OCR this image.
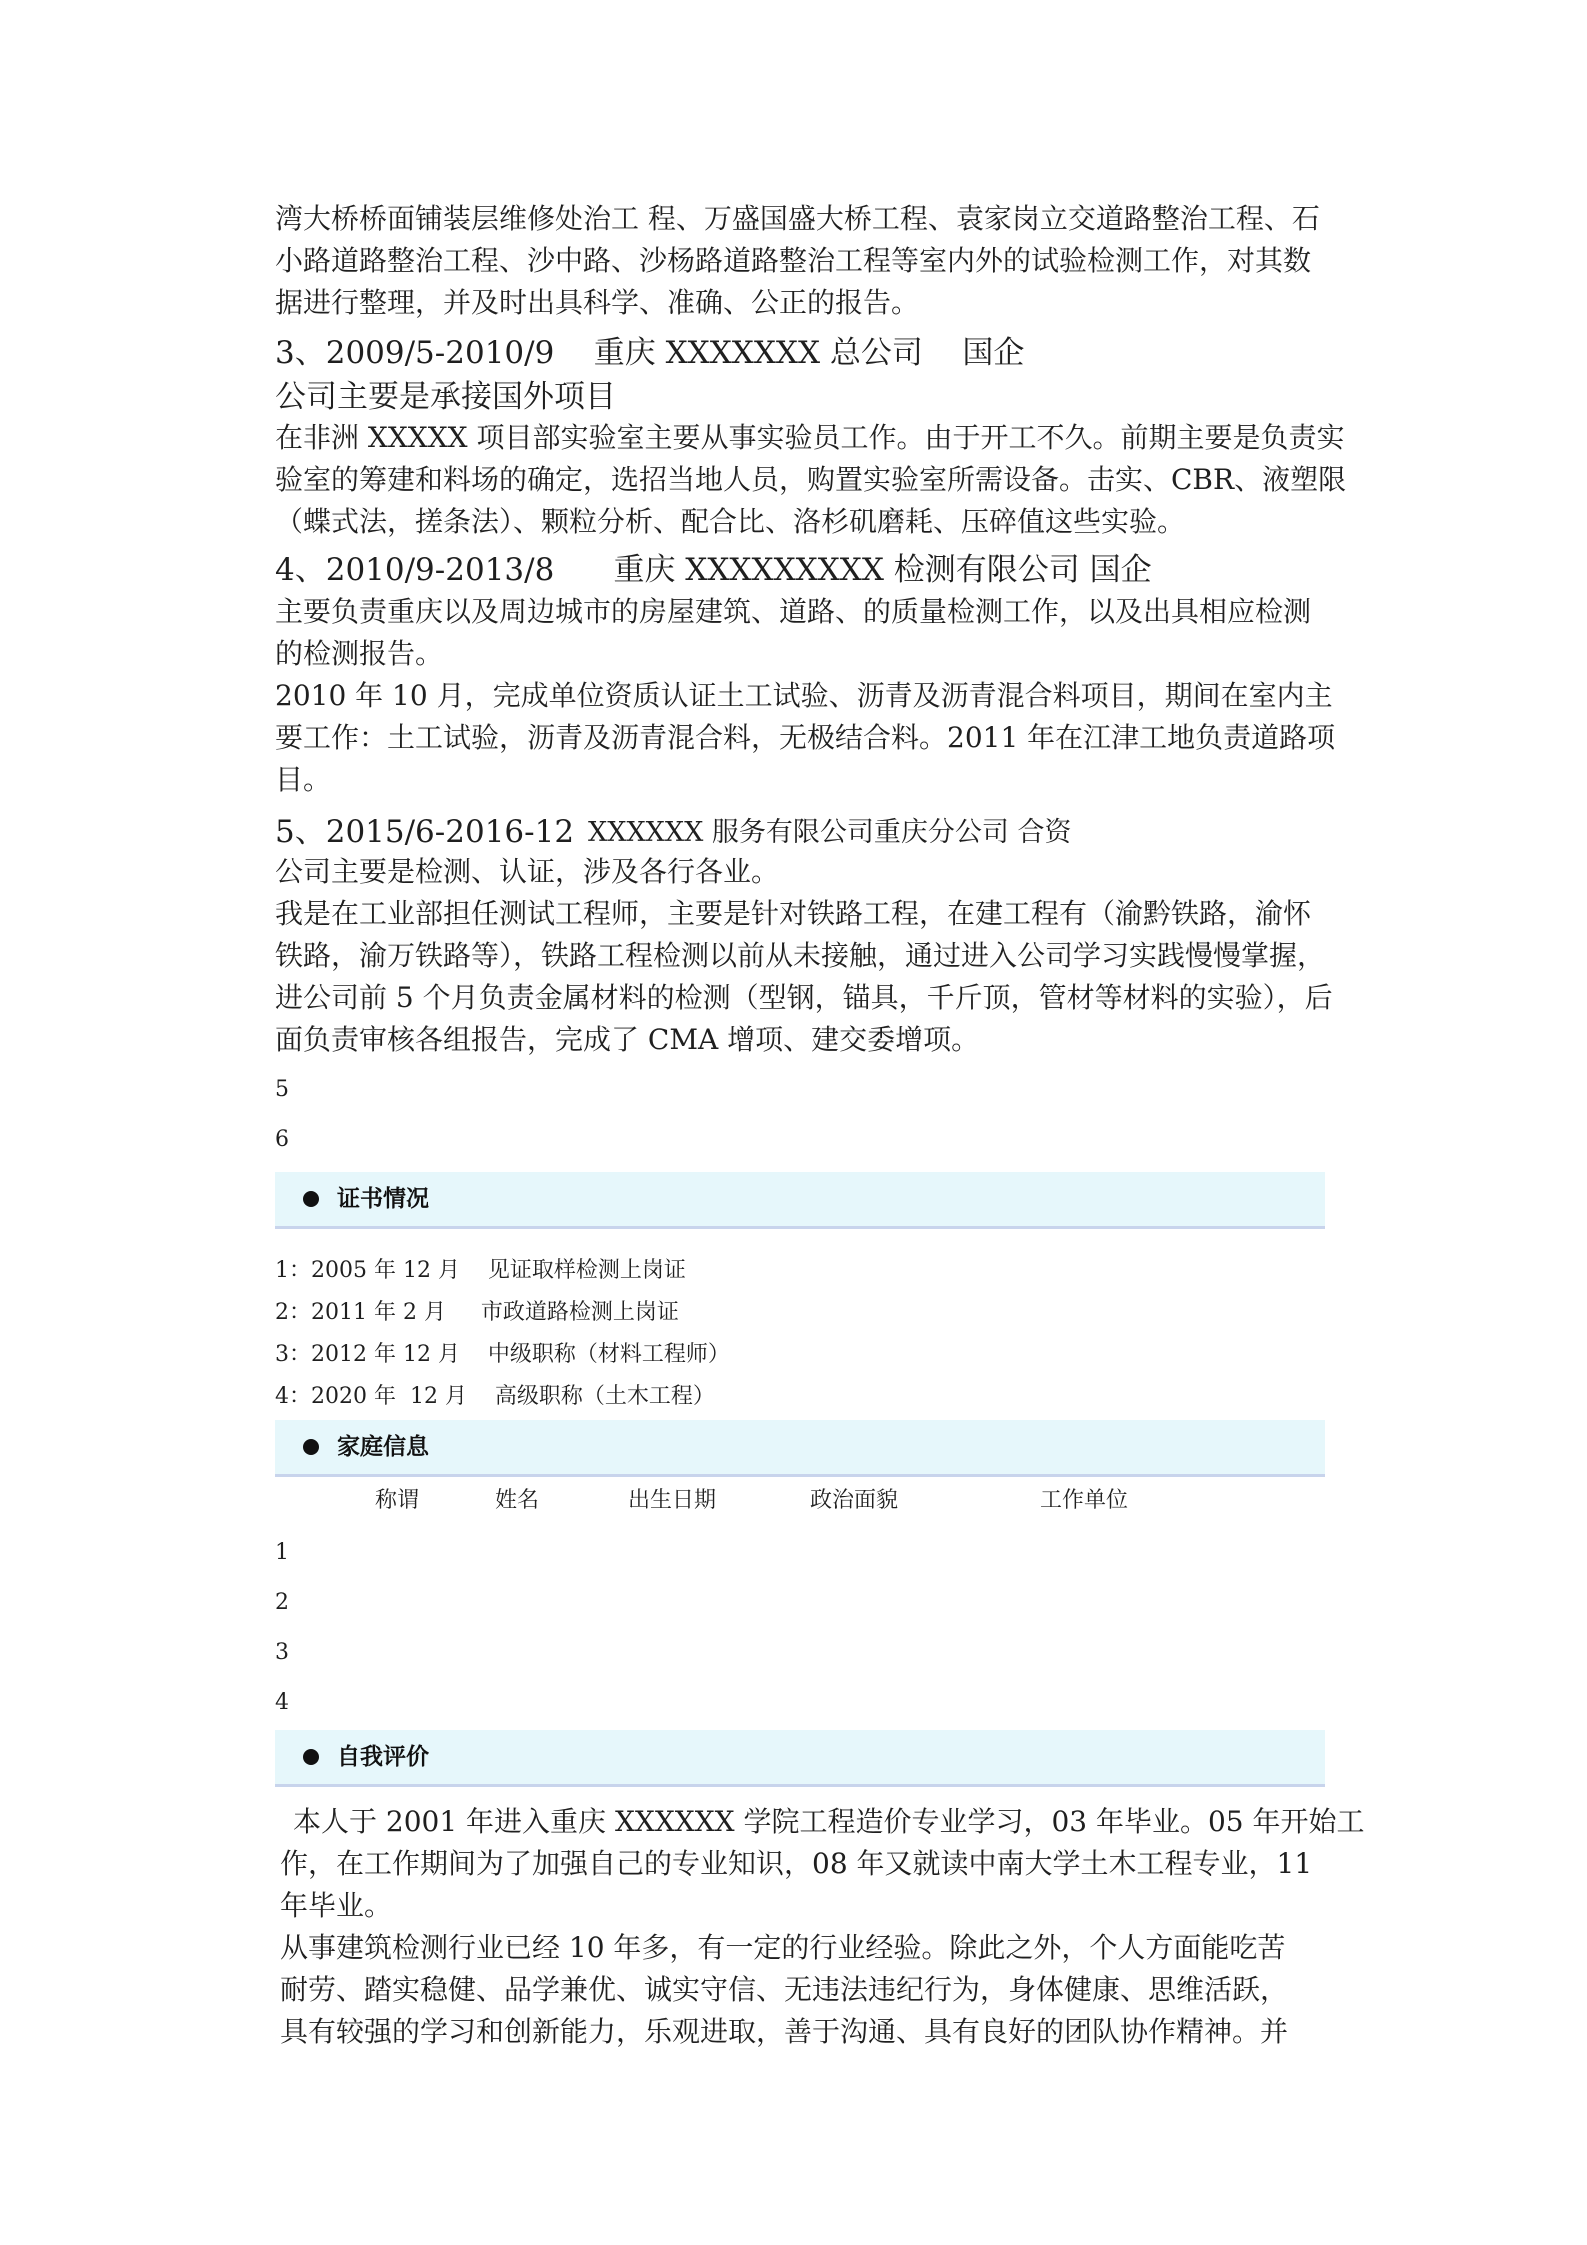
湾大桥桥面铺装层维修处治工 程、万盛国盛大桥工程、袁家岗立交道路整治工程、石
小路道路整治工程、沙中路、沙杨路道路整治工程等室内外的试验检测工作，对其数
据进行整理，并及时出具科学、准确、公正的报告。
3、2009/5-2010/9    重庆 XXXXXXX 总公司    国企
公司主要是承接国外项目
在非洲 XXXXX 项目部实验室主要从事实验员工作。由于开工不久。前期主要是负责实
验室的筹建和料场的确定，选招当地人员，购置实验室所需设备。击实、CBR、液塑限
（蝶式法，搓条法）、颗粒分析、配合比、洛杉矶磨耗、压碎值这些实验。
4、2010/9-2013/8      重庆 XXXXXXXXX 检测有限公司 国企
主要负责重庆以及周边城市的房屋建筑、道路、的质量检测工作，以及出具相应检测
的检测报告。
2010 年 10 月，完成单位资质认证土工试验、沥青及沥青混合料项目，期间在室内主
要工作：土工试验，沥青及沥青混合料，无极结合料。2011 年在江津工地负责道路项
目。
5、2015/6-2016-12 XXXXXX 服务有限公司重庆分公司 合资
公司主要是检测、认证，涉及各行各业。
我是在工业部担任测试工程师，主要是针对铁路工程，在建工程有（渝黔铁路，渝怀
铁路，渝万铁路等），铁路工程检测以前从未接触，通过进入公司学习实践慢慢掌握，
进公司前 5 个月负责金属材料的检测（型钢，锚具，千斤顶，管材等材料的实验），后
面负责审核各组报告，完成了 CMA 增项、建交委增项。
5
6
证书情况
1：2005 年 12 月    见证取样检测上岗证
2：2011 年 2 月     市政道路检测上岗证
3：2012 年 12 月    中级职称（材料工程师）
4：2020 年  12 月    高级职称（土木工程）
家庭信息
称谓	姓名	出生日期	政治面貌	工作单位
1
2
3
4
自我评价
本人于 2001 年进入重庆 XXXXXX 学院工程造价专业学习，03 年毕业。05 年开始工
作，在工作期间为了加强自己的专业知识，08 年又就读中南大学土木工程专业，11
年毕业。
从事建筑检测行业已经 10 年多，有一定的行业经验。除此之外，个人方面能吃苦
耐劳、踏实稳健、品学兼优、诚实守信、无违法违纪行为，身体健康、思维活跃，
具有较强的学习和创新能力，乐观进取，善于沟通、具有良好的团队协作精神。并
